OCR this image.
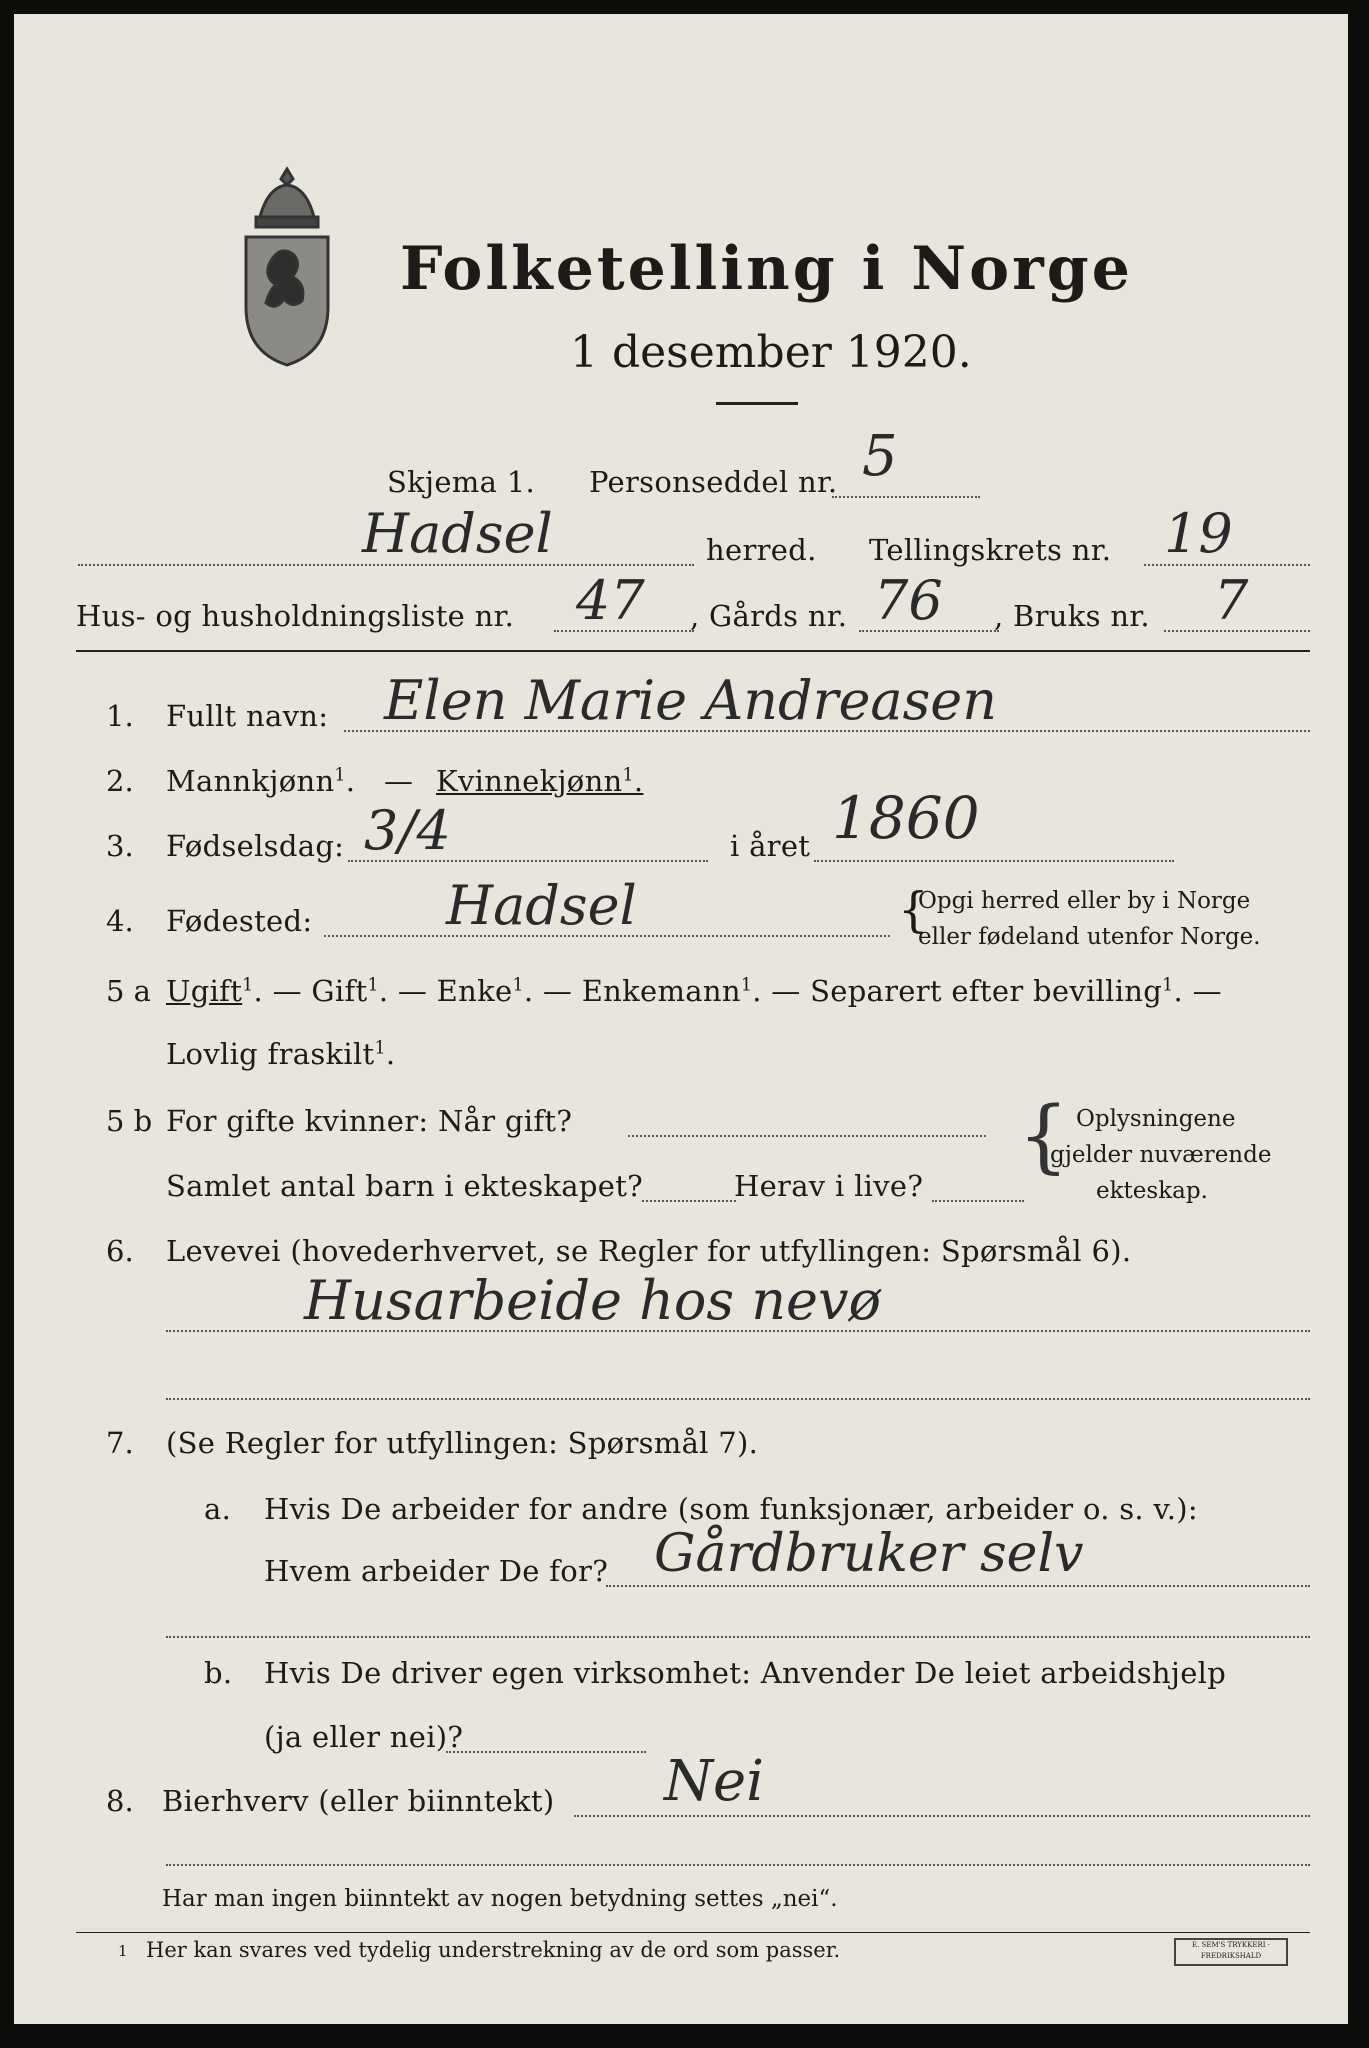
Folketelling i Norge
1 desember 1920.
Skjema 1. Personseddel nr. 5
Hadsel	herred. Tellingskrets nr. 19
Hus- og husholdningsliste nr. 47 , Gårds nr. 76 , Bruks nr. 7
1. Fullt navn: Elen Marie Andreasen
2. Mannkjønn$^1$. — Kvinnekjønn$^1$.
3. Fødselsdag: 3/4	i året 1860
4. Fødested: Hadsel	{
Opgi herred eller by i Norge
eller fødeland utenfor Norge.
5 a Ugift$^1$. — Gift$^1$. — Enke$^1$. — Enkemann$^1$. — Separert efter bevilling$^1$. —
Lovlig fraskilt$^1$.
5 b For gifte kvinner: Når gift?
Samlet antal barn i ekteskapet?	Herav i live?
{ Oplysningene
gjelder nuværende
ekteskap.
6. Levevei (hovederhvervet, se Regler for utfyllingen: Spørsmål 6).
Husarbeide hos nevø
7. (Se Regler for utfyllingen: Spørsmål 7).
a. Hvis De arbeider for andre (som funksjonær, arbeider o. s. v.):
Hvem arbeider De for? Gårdbruker selv
b. Hvis De driver egen virksomhet: Anvender De leiet arbeidshjelp
(ja eller nei)?
8. Bierhverv (eller biinntekt) Nei
Har man ingen biinntekt av nogen betydning settes „nei“.
1 Her kan svares ved tydelig understrekning av de ord som passer.	E. SEM'S TRYKKERI · FREDRIKSHALD
